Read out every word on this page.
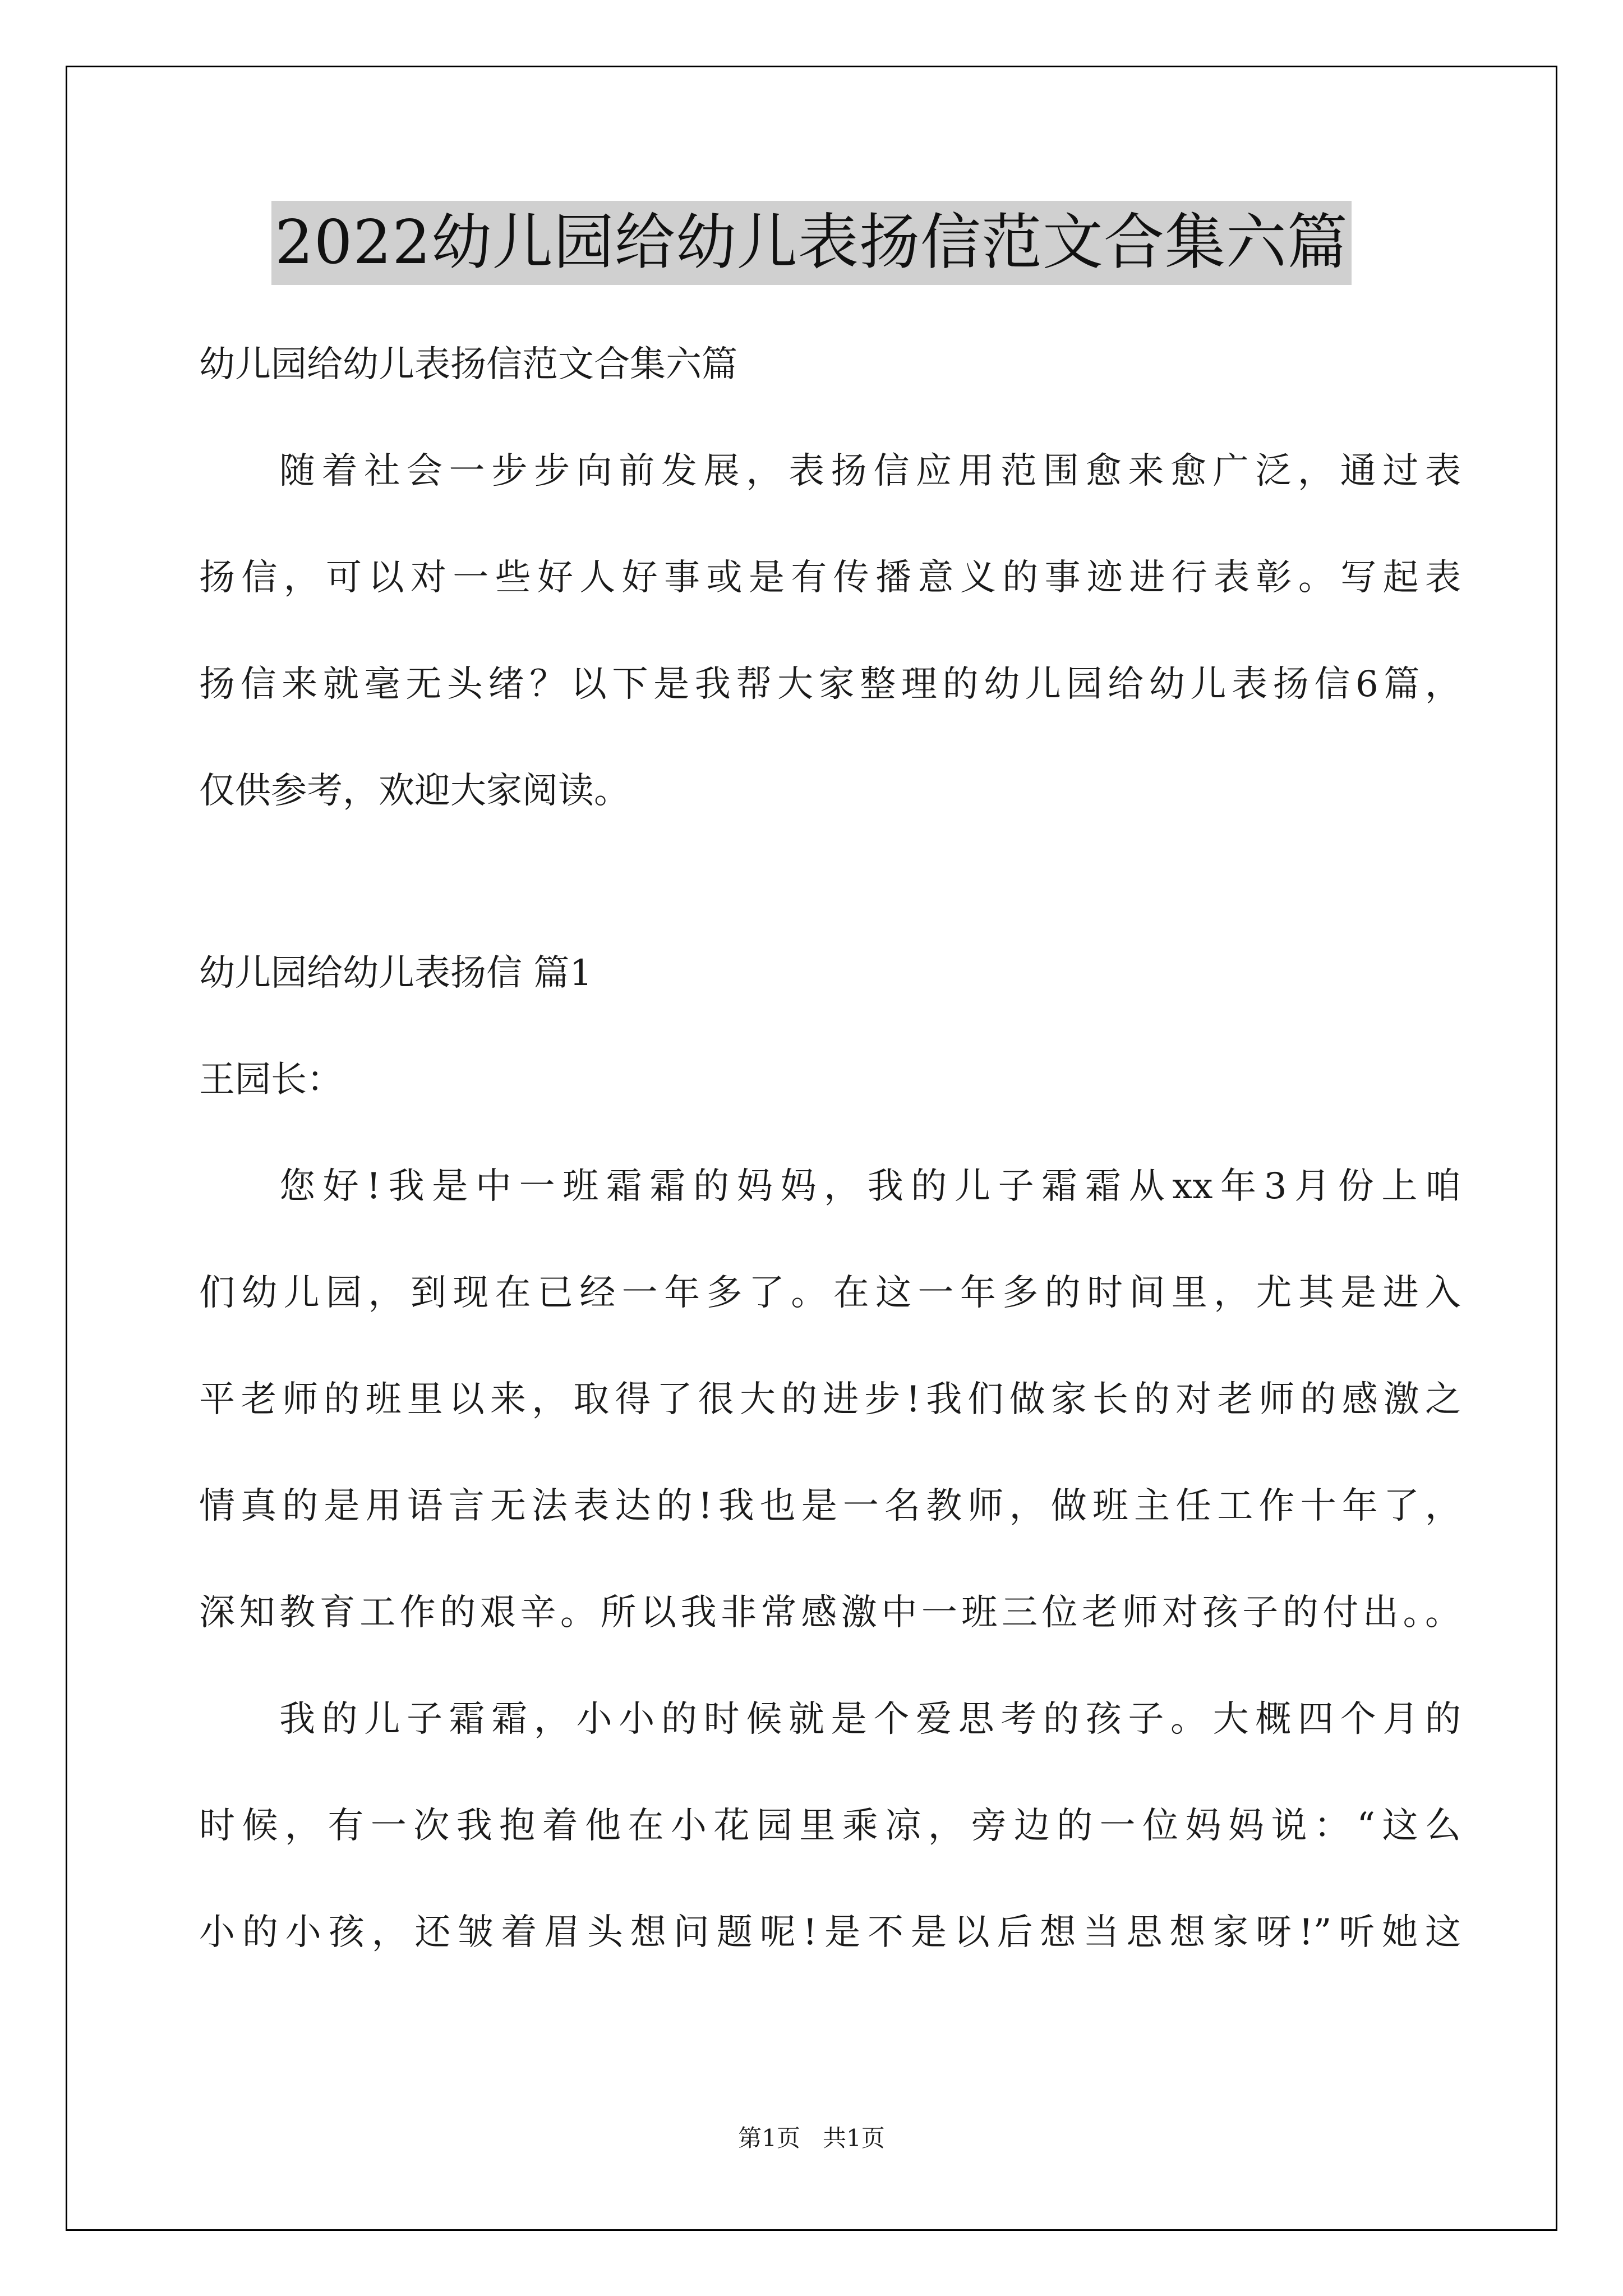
2022幼儿园给幼儿表扬信范文合集六篇
幼儿园给幼儿表扬信范文合集六篇
随着社会一步步向前发展，表扬信应用范围愈来愈广泛，通过表
扬信，可以对一些好人好事或是有传播意义的事迹进行表彰。写起表
扬信来就毫无头绪？以下是我帮大家整理的幼儿园给幼儿表扬信6篇，
仅供参考，欢迎大家阅读。
幼儿园给幼儿表扬信 篇1
王园长：
您好!我是中一班霜霜的妈妈，我的儿子霜霜从xx年3月份上咱
们幼儿园，到现在已经一年多了。在这一年多的时间里，尤其是进入
平老师的班里以来，取得了很大的进步!我们做家长的对老师的感激之
情真的是用语言无法表达的!我也是一名教师，做班主任工作十年了，
深知教育工作的艰辛。所以我非常感激中一班三位老师对孩子的付出。。
我的儿子霜霜，小小的时候就是个爱思考的孩子。大概四个月的
时候，有一次我抱着他在小花园里乘凉，旁边的一位妈妈说：“这么
小的小孩，还皱着眉头想问题呢!是不是以后想当思想家呀!”听她这
第1页 共1页
